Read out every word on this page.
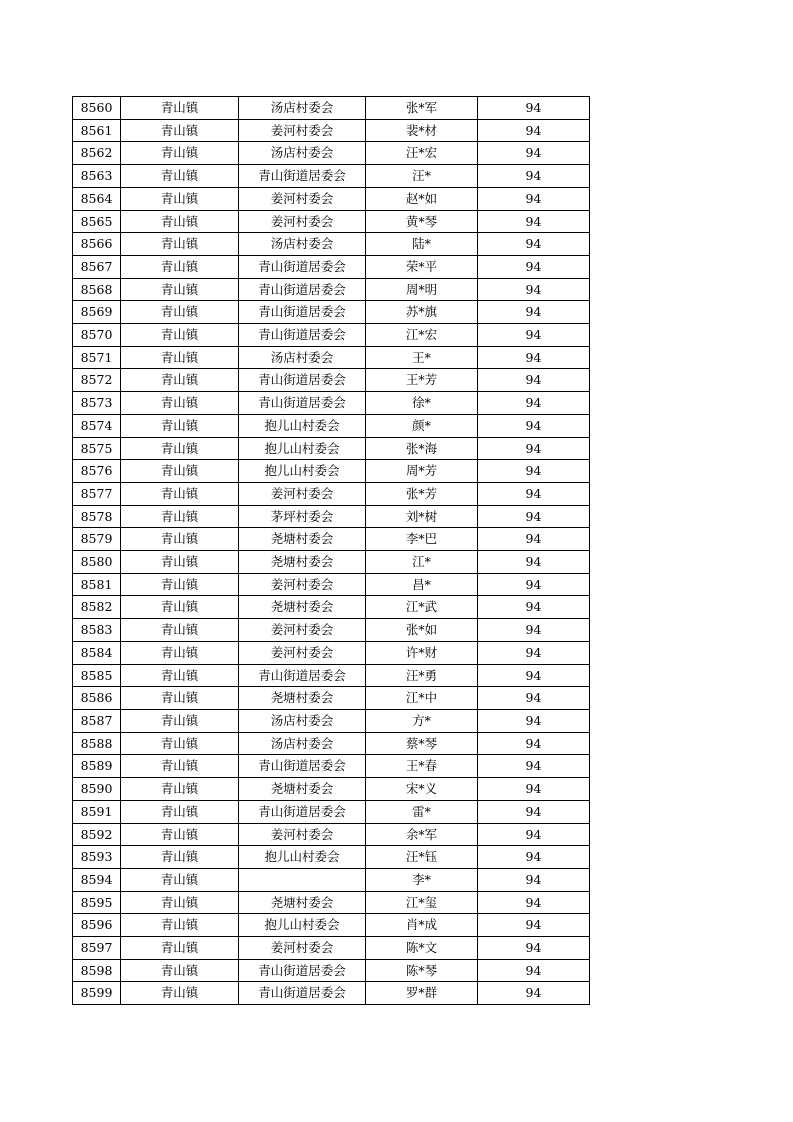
8560	青山镇	汤店村委会	张*军	94
8561	青山镇	姜河村委会	裴*材	94
8562	青山镇	汤店村委会	汪*宏	94
8563	青山镇	青山街道居委会	汪*	94
8564	青山镇	姜河村委会	赵*如	94
8565	青山镇	姜河村委会	黄*琴	94
8566	青山镇	汤店村委会	陆*	94
8567	青山镇	青山街道居委会	荣*平	94
8568	青山镇	青山街道居委会	周*明	94
8569	青山镇	青山街道居委会	苏*旗	94
8570	青山镇	青山街道居委会	江*宏	94
8571	青山镇	汤店村委会	王*	94
8572	青山镇	青山街道居委会	王*芳	94
8573	青山镇	青山街道居委会	徐*	94
8574	青山镇	抱儿山村委会	颜*	94
8575	青山镇	抱儿山村委会	张*海	94
8576	青山镇	抱儿山村委会	周*芳	94
8577	青山镇	姜河村委会	张*芳	94
8578	青山镇	茅坪村委会	刘*树	94
8579	青山镇	尧塘村委会	李*巴	94
8580	青山镇	尧塘村委会	江*	94
8581	青山镇	姜河村委会	昌*	94
8582	青山镇	尧塘村委会	江*武	94
8583	青山镇	姜河村委会	张*如	94
8584	青山镇	姜河村委会	许*财	94
8585	青山镇	青山街道居委会	汪*勇	94
8586	青山镇	尧塘村委会	江*中	94
8587	青山镇	汤店村委会	方*	94
8588	青山镇	汤店村委会	蔡*琴	94
8589	青山镇	青山街道居委会	王*春	94
8590	青山镇	尧塘村委会	宋*义	94
8591	青山镇	青山街道居委会	雷*	94
8592	青山镇	姜河村委会	余*军	94
8593	青山镇	抱儿山村委会	汪*钰	94
8594	青山镇		李*	94
8595	青山镇	尧塘村委会	江*玺	94
8596	青山镇	抱儿山村委会	肖*成	94
8597	青山镇	姜河村委会	陈*文	94
8598	青山镇	青山街道居委会	陈*琴	94
8599	青山镇	青山街道居委会	罗*群	94
